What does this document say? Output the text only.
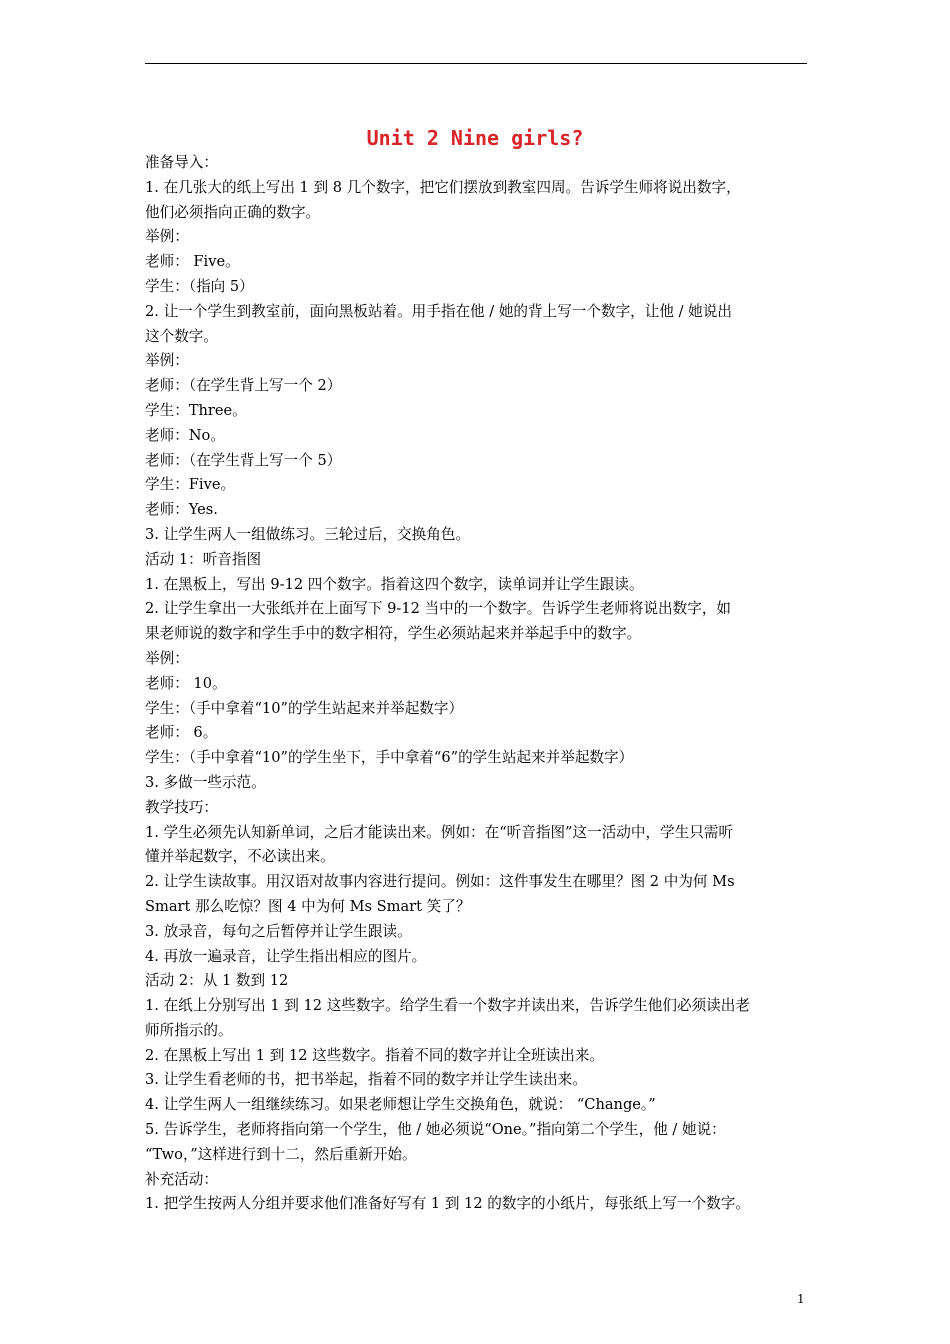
Unit 2 Nine girls?
准备导入：
1. 在几张大的纸上写出 1 到 8 几个数字，把它们摆放到教室四周。告诉学生师将说出数字，
他们必须指向正确的数字。
举例：
老师： Five。
学生：（指向 5）
2. 让一个学生到教室前，面向黑板站着。用手指在他 / 她的背上写一个数字，让他 / 她说出
这个数字。
举例：
老师：（在学生背上写一个 2）
学生：Three。
老师：No。
老师：（在学生背上写一个 5）
学生：Five。
老师：Yes.
3. 让学生两人一组做练习。三轮过后，交换角色。
活动 1：听音指图
1. 在黑板上，写出 9-12 四个数字。指着这四个数字，读单词并让学生跟读。
2. 让学生拿出一大张纸并在上面写下 9-12 当中的一个数字。告诉学生老师将说出数字，如
果老师说的数字和学生手中的数字相符，学生必须站起来并举起手中的数字。
举例：
老师： 10。
学生：（手中拿着“10”的学生站起来并举起数字）
老师： 6。
学生：（手中拿着“10”的学生坐下，手中拿着“6”的学生站起来并举起数字）
3. 多做一些示范。
教学技巧：
1. 学生必须先认知新单词，之后才能读出来。例如：在“听音指图”这一活动中，学生只需听
懂并举起数字，不必读出来。
2. 让学生读故事。用汉语对故事内容进行提问。例如：这件事发生在哪里？图 2 中为何 Ms
Smart 那么吃惊？图 4 中为何 Ms Smart 笑了？
3. 放录音，每句之后暂停并让学生跟读。
4. 再放一遍录音，让学生指出相应的图片。
活动 2：从 1 数到 12
1. 在纸上分别写出 1 到 12 这些数字。给学生看一个数字并读出来，告诉学生他们必须读出老
师所指示的。
2. 在黑板上写出 1 到 12 这些数字。指着不同的数字并让全班读出来。
3. 让学生看老师的书，把书举起，指着不同的数字并让学生读出来。
4. 让学生两人一组继续练习。如果老师想让学生交换角色，就说： “Change。”
5. 告诉学生，老师将指向第一个学生，他 / 她必须说“One。”指向第二个学生，他 / 她说：
“Two，”这样进行到十二，然后重新开始。
补充活动：
1. 把学生按两人分组并要求他们准备好写有 1 到 12 的数字的小纸片，每张纸上写一个数字。
1
